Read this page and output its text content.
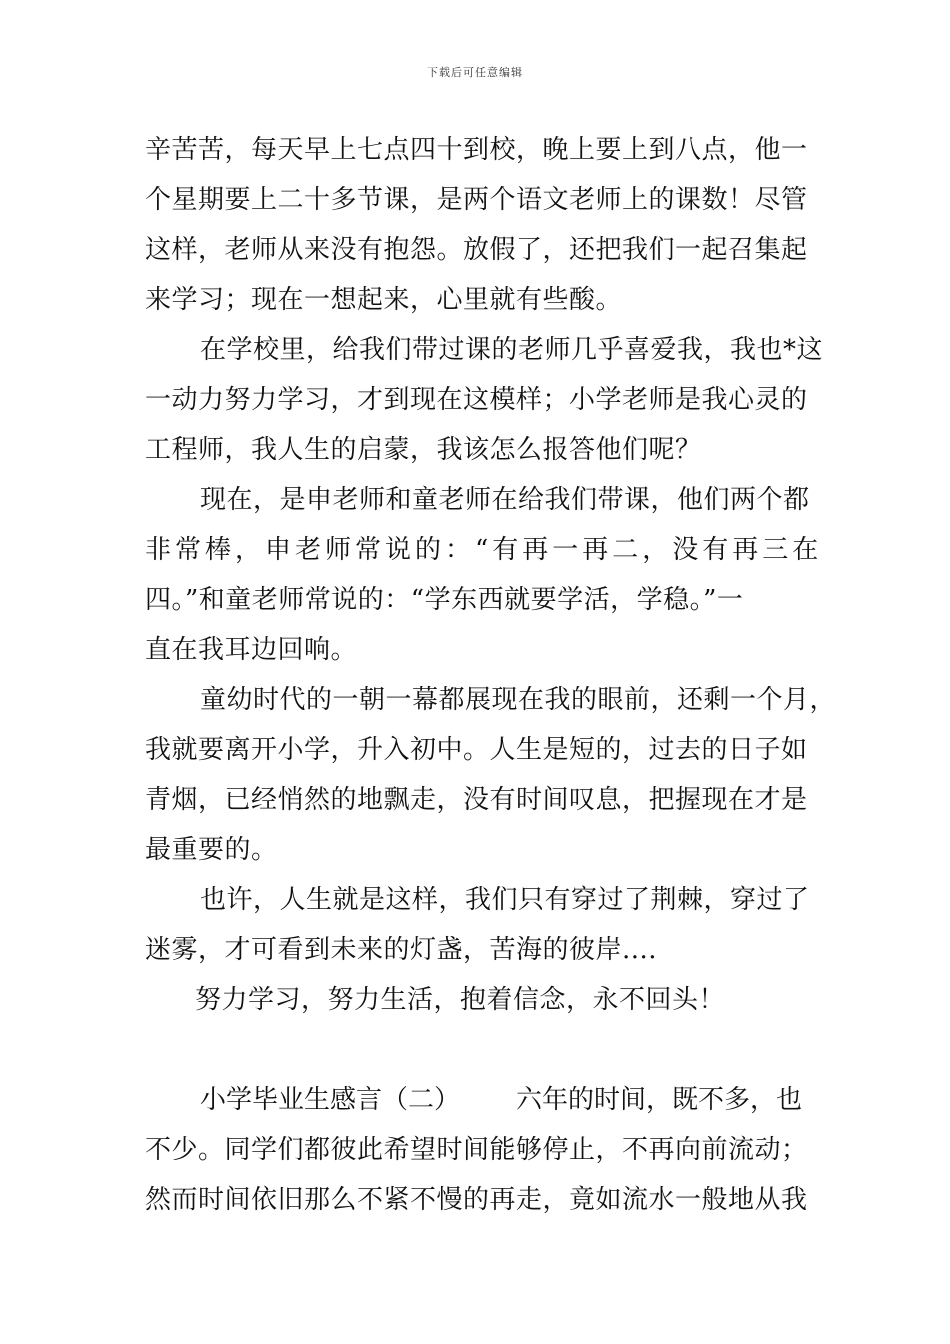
下载后可任意编辑
辛苦苦，每天早上七点四十到校，晚上要上到八点，他一
个星期要上二十多节课，是两个语文老师上的课数！尽管
这样，老师从来没有抱怨。放假了，还把我们一起召集起
来学习；现在一想起来，心里就有些酸。
在学校里，给我们带过课的老师几乎喜爱我，我也*这
一动力努力学习，才到现在这模样；小学老师是我心灵的
工程师，我人生的启蒙，我该怎么报答他们呢？
现在，是申老师和童老师在给我们带课，他们两个都
非常棒，申老师常说的：“有再一再二，没有再三在
四。”和童老师常说的：“学东西就要学活，学稳。”一
直在我耳边回响。
童幼时代的一朝一幕都展现在我的眼前，还剩一个月，
我就要离开小学，升入初中。人生是短的，过去的日子如
青烟，已经悄然的地飘走，没有时间叹息，把握现在才是
最重要的。
也许，人生就是这样，我们只有穿过了荆棘，穿过了
迷雾，才可看到未来的灯盏，苦海的彼岸....
努力学习，努力生活，抱着信念，永不回头！
小学毕业生感言（二） 六年的时间，既不多，也
不少。同学们都彼此希望时间能够停止，不再向前流动；
然而时间依旧那么不紧不慢的再走，竟如流水一般地从我
